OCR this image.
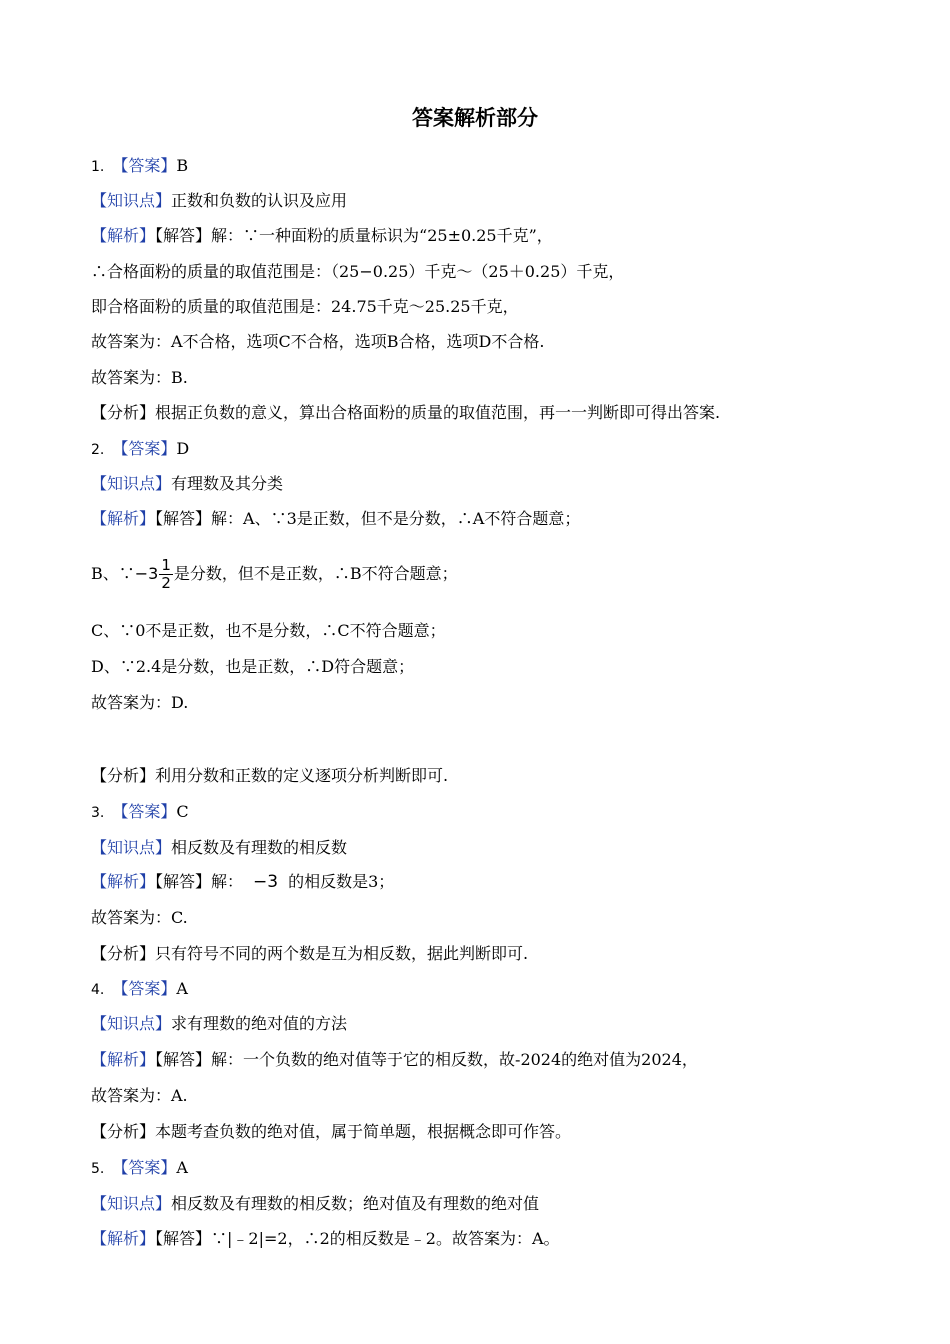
答案解析部分
1. 【答案】B
【知识点】正数和负数的认识及应用
【解析】【解答】解：∵一种面粉的质量标识为“25±0.25千克”，
∴合格面粉的质量的取值范围是：（25−0.25）千克～（25＋0.25）千克，
即合格面粉的质量的取值范围是：24.75千克～25.25千克，
故答案为：A不合格，选项C不合格，选项B合格，选项D不合格.
故答案为：B.
【分析】根据正负数的意义，算出合格面粉的质量的取值范围，再一一判断即可得出答案.
2. 【答案】D
【知识点】有理数及其分类
【解析】【解答】解：A、∵3是正数，但不是分数，∴A不符合题意；
B、∵−3 $\frac{1}{2}$ 是分数，但不是正数，∴B不符合题意；
C、∵0不是正数，也不是分数，∴C不符合题意；
D、∵2.4是分数，也是正数，∴D符合题意；
故答案为：D.
【分析】利用分数和正数的定义逐项分析判断即可.
3. 【答案】C
【知识点】相反数及有理数的相反数
【解析】【解答】解： −3 的相反数是3；
故答案为：C.
【分析】只有符号不同的两个数是互为相反数，据此判断即可.
4. 【答案】A
【知识点】求有理数的绝对值的方法
【解析】【解答】解：一个负数的绝对值等于它的相反数，故-2024的绝对值为2024，
故答案为：A.
【分析】本题考查负数的绝对值，属于简单题，根据概念即可作答。
5. 【答案】A
【知识点】相反数及有理数的相反数；绝对值及有理数的绝对值
【解析】【解答】∵|﹣2|=2，∴2的相反数是﹣2。故答案为：A。
